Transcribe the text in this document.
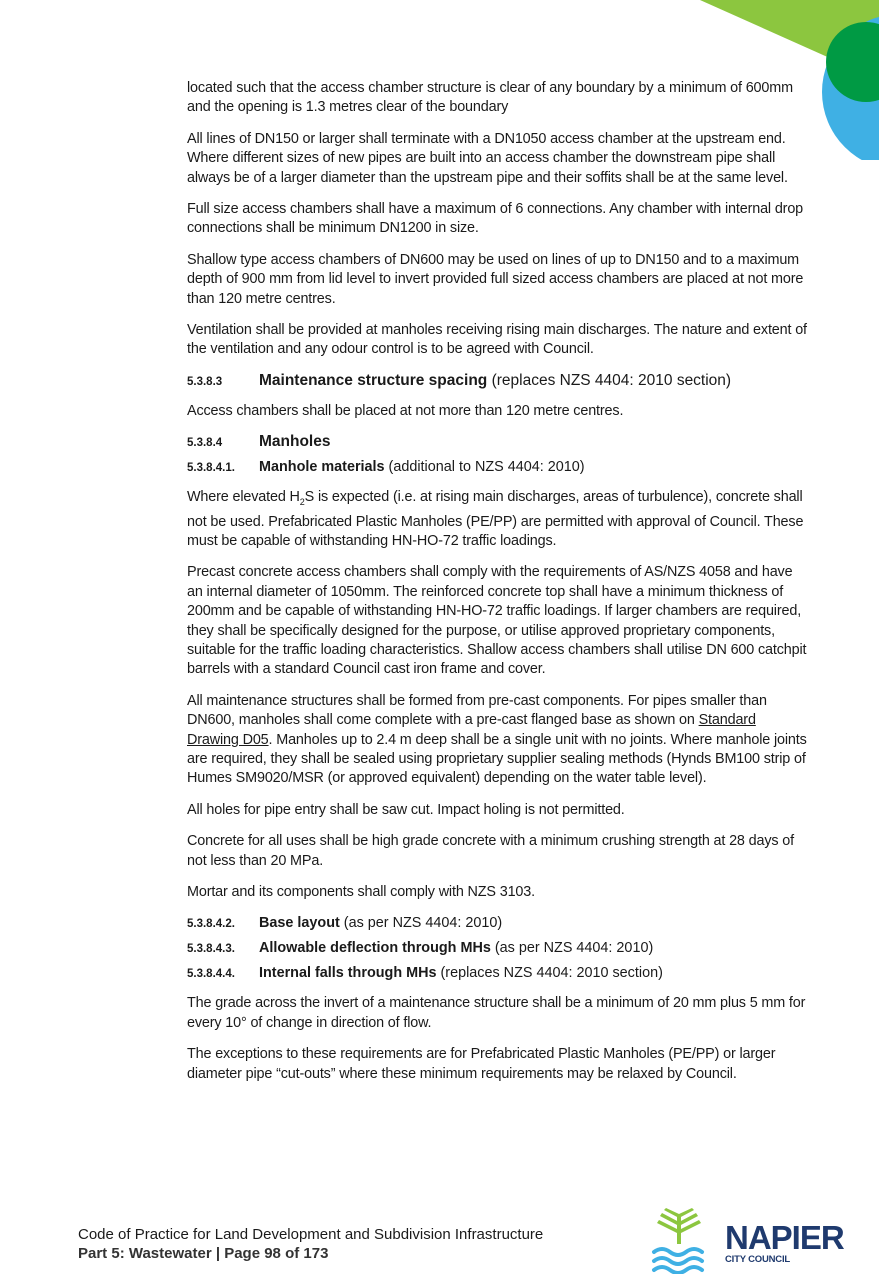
located such that the access chamber structure is clear of any boundary by a minimum of 600mm and the opening is 1.3 metres clear of the boundary

All lines of DN150 or larger shall terminate with a DN1050 access chamber at the upstream end. Where different sizes of new pipes are built into an access chamber the downstream pipe shall always be of a larger diameter than the upstream pipe and their soffits shall be at the same level.

Full size access chambers shall have a maximum of 6 connections. Any chamber with internal drop connections shall be minimum DN1200 in size.

Shallow type access chambers of DN600 may be used on lines of up to DN150 and to a maximum depth of 900 mm from lid level to invert provided full sized access chambers are placed at not more than 120 metre centres.

Ventilation shall be provided at manholes receiving rising main discharges. The nature and extent of the ventilation and any odour control is to be agreed with Council.

5.3.8.3	Maintenance structure spacing (replaces NZS 4404: 2010 section)

Access chambers shall be placed at not more than 120 metre centres.

5.3.8.4	Manholes
5.3.8.4.1.	Manhole materials (additional to NZS 4404: 2010)

Where elevated $H_2S$ is expected (i.e. at rising main discharges, areas of turbulence), concrete shall not be used. Prefabricated Plastic Manholes (PE/PP) are permitted with approval of Council. These must be capable of withstanding HN-HO-72 traffic loadings.

Precast concrete access chambers shall comply with the requirements of AS/NZS 4058 and have an internal diameter of 1050mm. The reinforced concrete top shall have a minimum thickness of 200mm and be capable of withstanding HN-HO-72 traffic loadings. If larger chambers are required, they shall be specifically designed for the purpose, or utilise approved proprietary components, suitable for the traffic loading characteristics. Shallow access chambers shall utilise DN 600 catchpit barrels with a standard Council cast iron frame and cover.

All maintenance structures shall be formed from pre-cast components. For pipes smaller than DN600, manholes shall come complete with a pre-cast flanged base as shown on Standard Drawing D05. Manholes up to 2.4 m deep shall be a single unit with no joints. Where manhole joints are required, they shall be sealed using proprietary supplier sealing methods (Hynds BM100 strip of Humes SM9020/MSR (or approved equivalent) depending on the water table level).

All holes for pipe entry shall be saw cut. Impact holing is not permitted.

Concrete for all uses shall be high grade concrete with a minimum crushing strength at 28 days of not less than 20 MPa.

Mortar and its components shall comply with NZS 3103.

5.3.8.4.2.	Base layout (as per NZS 4404: 2010)
5.3.8.4.3.	Allowable deflection through MHs (as per NZS 4404: 2010)
5.3.8.4.4.	Internal falls through MHs (replaces NZS 4404: 2010 section)

The grade across the invert of a maintenance structure shall be a minimum of 20 mm plus 5 mm for every 10° of change in direction of flow.

The exceptions to these requirements are for Prefabricated Plastic Manholes (PE/PP) or larger diameter pipe “cut-outs” where these minimum requirements may be relaxed by Council.

Code of Practice for Land Development and Subdivision Infrastructure
Part 5: Wastewater | Page 98 of 173	NAPIER
CITY COUNCIL
